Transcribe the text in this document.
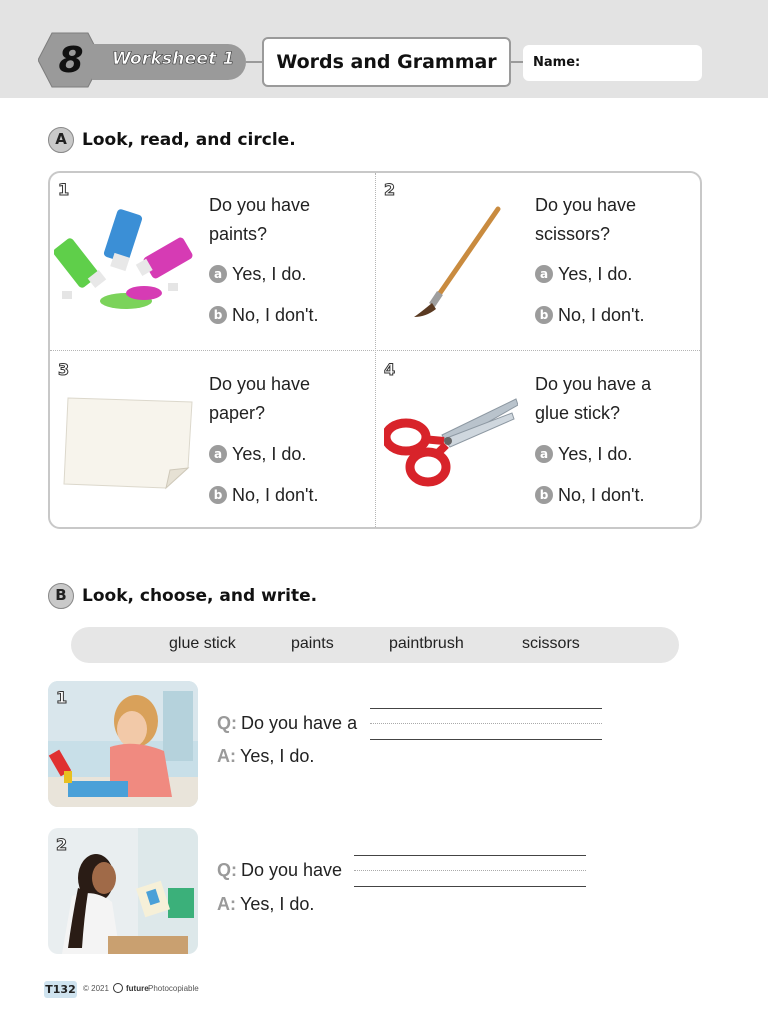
8	Worksheet 1	Words and Grammar	Name:
A Look, read, and circle.
1
Do you have paints?
a Yes, I do.
b No, I don't.
2
Do you have scissors?
a Yes, I do.
b No, I don't.
3
Do you have paper?
a Yes, I do.
b No, I don't.
4
Do you have a glue stick?
a Yes, I do.
b No, I don't.
B Look, choose, and write.
glue stick	paints	paintbrush	scissors
1
Q: Do you have a
A: Yes, I do.
2
Q: Do you have
A: Yes, I do.
T132 © 2021 future Photocopiable
